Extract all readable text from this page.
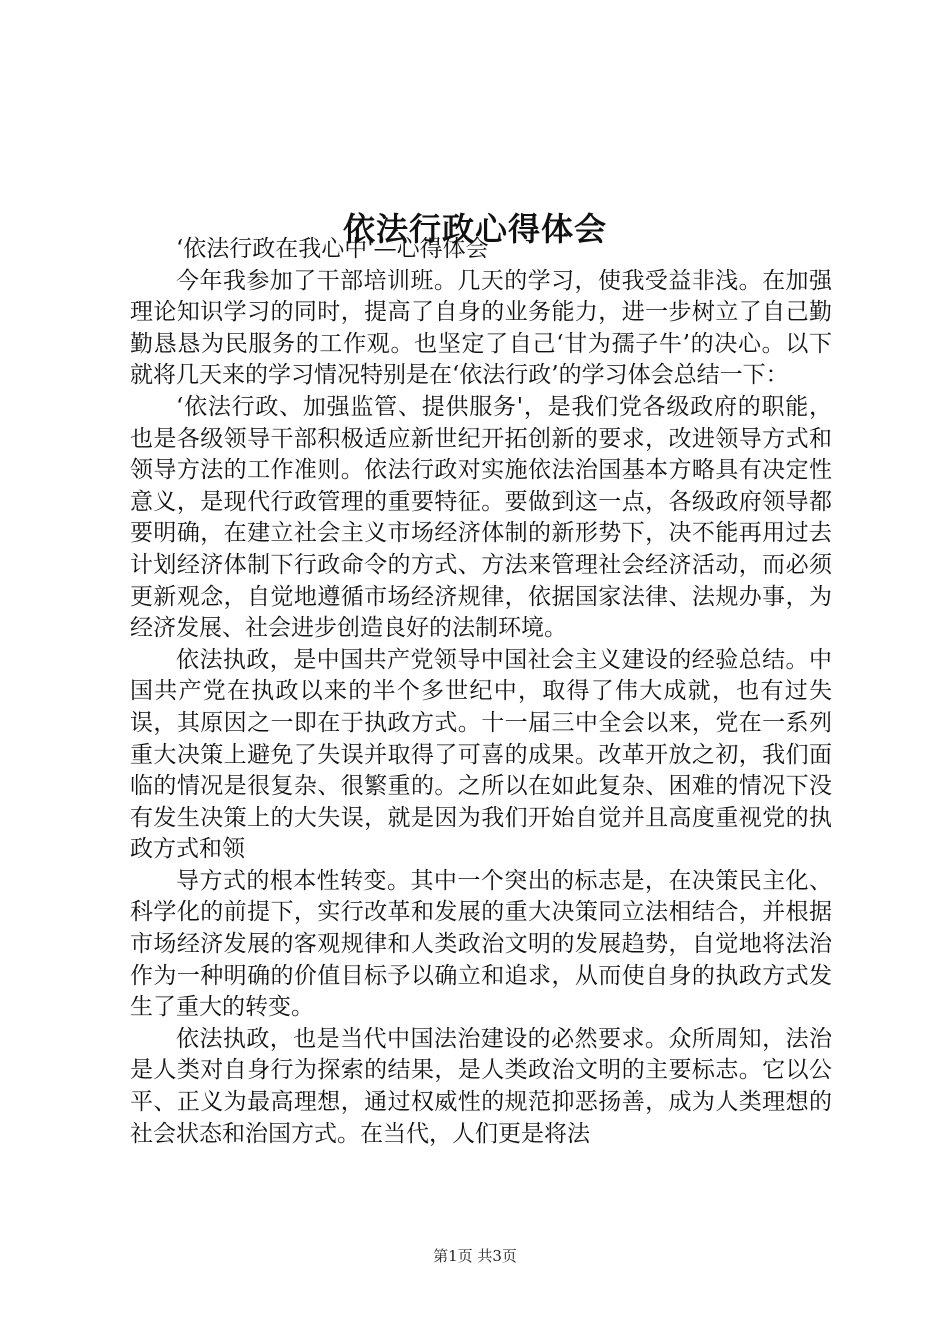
依法行政心得体会

‘依法行政在我心中'—心得体会

今年我参加了干部培训班。几天的学习，使我受益非浅。在加强理论知识学习的同时，提高了自身的业务能力，进一步树立了自己勤勤恳恳为民服务的工作观。也坚定了自己‘甘为孺子牛’的决心。以下就将几天来的学习情况特别是在‘依法行政’的学习体会总结一下：

‘依法行政、加强监管、提供服务'，是我们党各级政府的职能，也是各级领导干部积极适应新世纪开拓创新的要求，改进领导方式和领导方法的工作准则。依法行政对实施依法治国基本方略具有决定性意义，是现代行政管理的重要特征。要做到这一点，各级政府领导都要明确，在建立社会主义市场经济体制的新形势下，决不能再用过去计划经济体制下行政命令的方式、方法来管理社会经济活动，而必须更新观念，自觉地遵循市场经济规律，依据国家法律、法规办事，为经济发展、社会进步创造良好的法制环境。

依法执政，是中国共产党领导中国社会主义建设的经验总结。中国共产党在执政以来的半个多世纪中，取得了伟大成就，也有过失误，其原因之一即在于执政方式。十一届三中全会以来，党在一系列重大决策上避免了失误并取得了可喜的成果。改革开放之初，我们面临的情况是很复杂、很繁重的。之所以在如此复杂、困难的情况下没有发生决策上的大失误，就是因为我们开始自觉并且高度重视党的执政方式和领

导方式的根本性转变。其中一个突出的标志是，在决策民主化、科学化的前提下，实行改革和发展的重大决策同立法相结合，并根据市场经济发展的客观规律和人类政治文明的发展趋势，自觉地将法治作为一种明确的价值目标予以确立和追求，从而使自身的执政方式发生了重大的转变。

依法执政，也是当代中国法治建设的必然要求。众所周知，法治是人类对自身行为探索的结果，是人类政治文明的主要标志。它以公平、正义为最高理想，通过权威性的规范抑恶扬善，成为人类理想的社会状态和治国方式。在当代，人们更是将法

第1页 共3页
